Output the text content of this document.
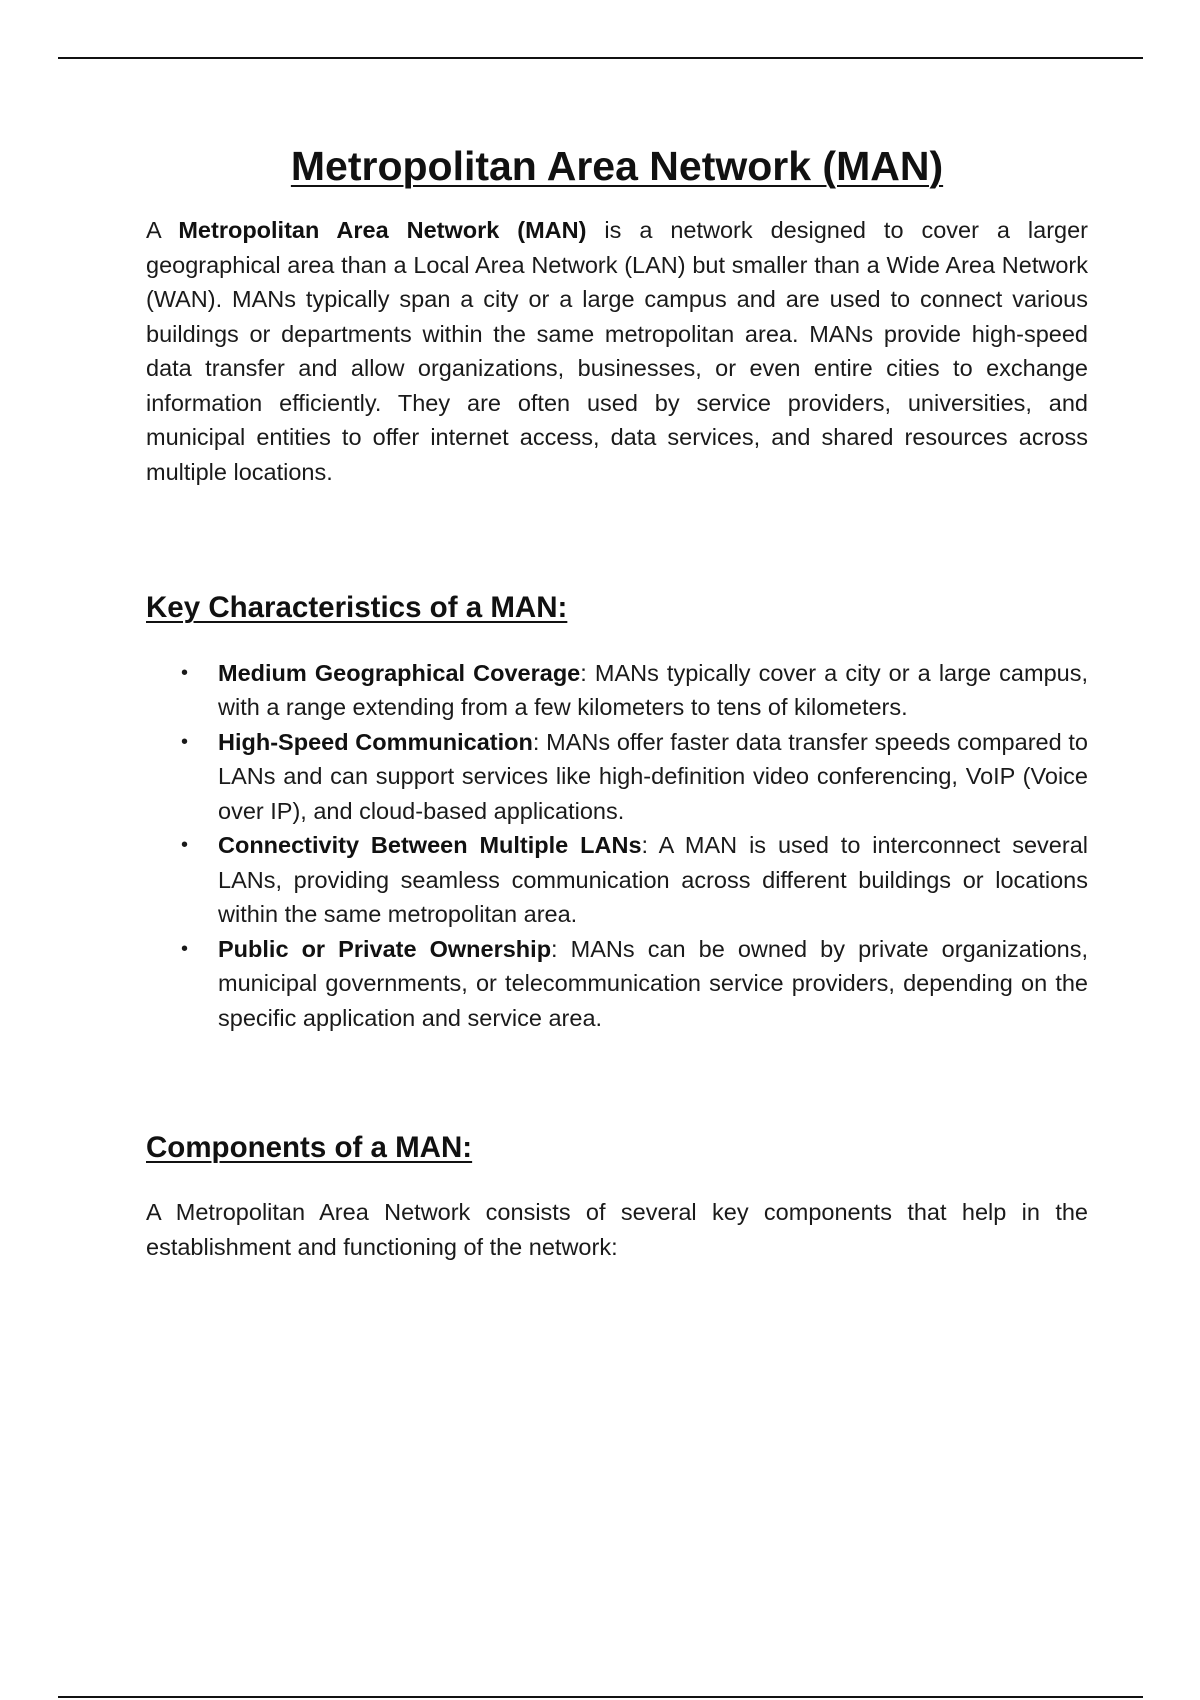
Metropolitan Area Network (MAN)

A Metropolitan Area Network (MAN) is a network designed to cover a larger geographical area than a Local Area Network (LAN) but smaller than a Wide Area Network (WAN). MANs typically span a city or a large campus and are used to connect various buildings or departments within the same metropolitan area. MANs provide high-speed data transfer and allow organizations, businesses, or even entire cities to exchange information efficiently. They are often used by service providers, universities, and municipal entities to offer internet access, data services, and shared resources across multiple locations.

Key Characteristics of a MAN:
• Medium Geographical Coverage: MANs typically cover a city or a large campus, with a range extending from a few kilometers to tens of kilometers.
• High-Speed Communication: MANs offer faster data transfer speeds compared to LANs and can support services like high-definition video conferencing, VoIP (Voice over IP), and cloud-based applications.
• Connectivity Between Multiple LANs: A MAN is used to interconnect several LANs, providing seamless communication across different buildings or locations within the same metropolitan area.
• Public or Private Ownership: MANs can be owned by private organizations, municipal governments, or telecommunication service providers, depending on the specific application and service area.
Components of a MAN:

A Metropolitan Area Network consists of several key components that help in the establishment and functioning of the network:
